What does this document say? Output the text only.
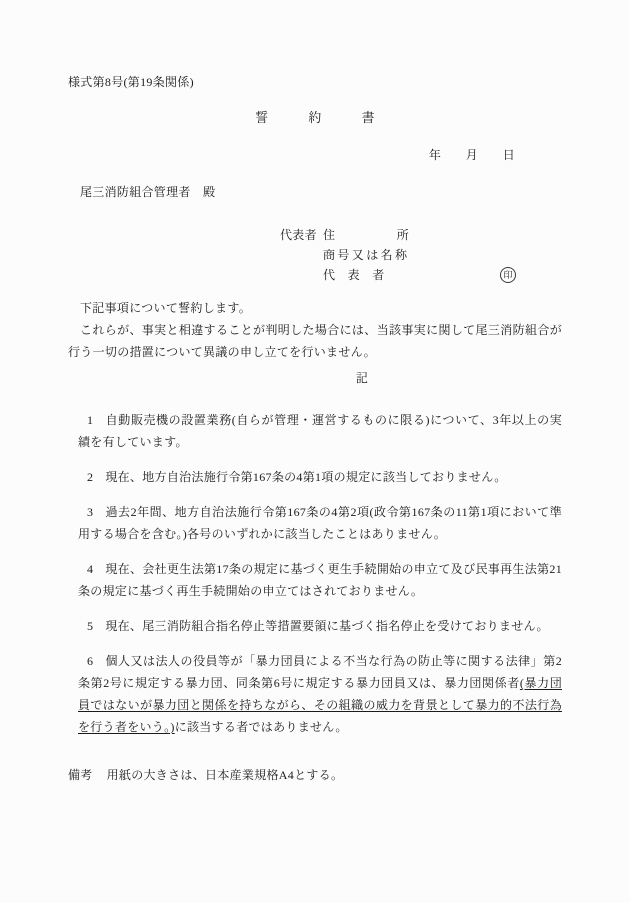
様式第8号(第19条関係)
誓　　　約　　　書
年　　月　　日
尾三消防組合管理者　殿
代表者 住　　　　　所
商号又は名称
代　表　者	印

下記事項について誓約します。

これらが、事実と相違することが判明した場合には、当該事実に関して尾三消防組合が行う一切の措置について異議の申し立てを行いません。

記
1 自動販売機の設置業務(自らが管理・運営するものに限る)について、3年以上の実績を有しています。
2 現在、地方自治法施行令第167条の4第1項の規定に該当しておりません。
3 過去2年間、地方自治法施行令第167条の4第2項(政令第167条の11第1項において準用する場合を含む。)各号のいずれかに該当したことはありません。
4 現在、会社更生法第17条の規定に基づく更生手続開始の申立て及び民事再生法第21条の規定に基づく再生手続開始の申立てはされておりません。
5 現在、尾三消防組合指名停止等措置要領に基づく指名停止を受けておりません。
6 個人又は法人の役員等が「暴力団員による不当な行為の防止等に関する法律」第2条第2号に規定する暴力団、同条第6号に規定する暴力団員又は、暴力団関係者(暴力団員ではないが暴力団と関係を持ちながら、その組織の威力を背景として暴力的不法行為を行う者をいう。)に該当する者ではありません。
備考 用紙の大きさは、日本産業規格A4とする。
